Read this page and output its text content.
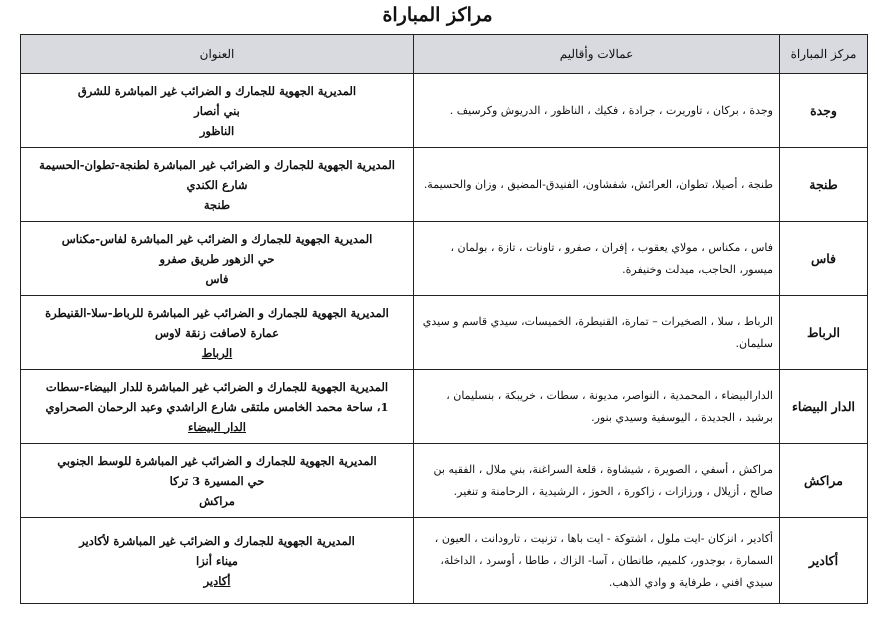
مراكز المباراة
مركز المباراة	عمالات وأقاليم	العنوان
وجدة	وجدة ، بركان ، تاوريرت ، جرادة ، فكيك ، الناظور ، الدريوش وكرسيف .	المديرية الجهوية للجمارك و الضرائب غير المباشرة للشرق
بني أنصار
الناظور

طنجة	طنجة ، أصيلا، تطوان، العرائش، شفشاون، الفنيدق-المضيق ، وزان والحسيمة.	المديرية الجهوية للجمارك و الضرائب غير المباشرة لطنجة-تطوان-الحسيمة
شارع الكندي
طنجة

فاس	فاس ، مكناس ، مولاي يعقوب ، إفران ، صفرو ، تاونات ، تازة ، بولمان ، ميسور، الحاجب، ميدلت وخنيفرة.	المديرية الجهوية للجمارك و الضرائب غير المباشرة لفاس-مكناس
حي الزهور طريق صفرو
فاس

الرباط	الرباط ، سلا ، الصخيرات – تمارة، القنيطرة، الخميسات، سيدي قاسم و سيدي سليمان.	المديرية الجهوية للجمارك و الضرائب غير المباشرة للرباط-سلا-القنيطرة
عمارة لاصافت زنقة لاوس
الرباط

الدار البيضاء	الدارالبيضاء ، المحمدية ، النواصر، مديونة ، سطات ، خريبكة ، بنسليمان ، برشيد ، الجديدة ، اليوسفية وسيدي بنور.	المديرية الجهوية للجمارك و الضرائب غير المباشرة للدار البيضاء-سطات
1، ساحة محمد الخامس ملتقى شارع الراشدي وعبد الرحمان الصحراوي
الدار البيضاء

مراكش	مراكش ، أسفي ، الصويرة ، شيشاوة ، قلعة السراغنة، بني ملال ، الفقيه بن صالح ، أزيلال ، ورزازات ، زاكورة ، الحوز ، الرشيدية ، الرحامنة و تنغير.	المديرية الجهوية للجمارك و الضرائب غير المباشرة للوسط الجنوبي
حي المسيرة 3 تركا
مراكش

أكادير	أكادير ، انزكان -ايت ملول ، اشتوكة - ايت باها ، تزنيت ، تارودانت ، العيون ، السمارة ، بوجدور، كلميم، طانطان ، آسا- الزاك ، طاطا ، أوسرد ، الداخلة، سيدي افني ، طرفاية و وادي الذهب.	المديرية الجهوية للجمارك و الضرائب غير المباشرة لأكادير
ميناء أنزا
أكادير
